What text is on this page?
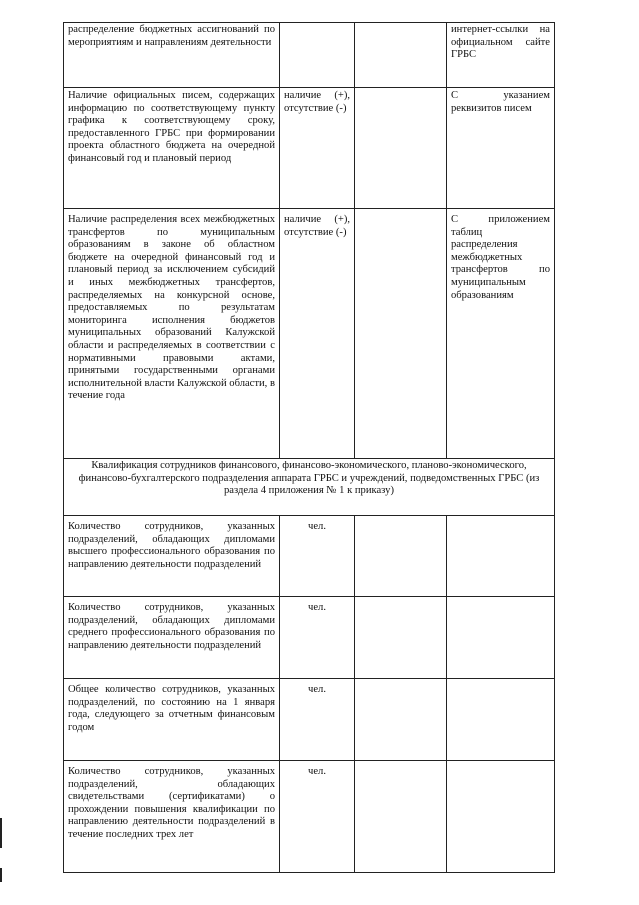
распределение бюджетных ассигнований по мероприятиям и направлениям деятельности			интернет-ссылки на официальном сайте ГРБС
Наличие официальных писем, содержащих информацию по соответствующему пункту графика к соответствующему сроку, предоставленного ГРБС при формировании проекта областного бюджета на очередной финансовый год и плановый период	наличие (+), отсутствие (-)		С указанием реквизитов писем
Наличие распределения всех межбюджетных трансфертов по муниципальным образованиям в законе об областном бюджете на очередной финансовый год и плановый период за исключением субсидий и иных межбюджетных трансфертов, распределяемых на конкурсной основе, предоставляемых по результатам мониторинга исполнения бюджетов муниципальных образований Калужской области и распределяемых в соответствии с нормативными правовыми актами, принятыми государственными органами исполнительной власти Калужской области, в течение года	наличие (+), отсутствие (-)		С приложением таблиц распределения межбюджетных трансфертов по муниципальным образованиям
Квалификация сотрудников финансового, финансово-экономического, планово-экономического, финансово-бухгалтерского подразделения аппарата ГРБС и учреждений, подведомственных ГРБС (из раздела 4 приложения № 1 к приказу)			
Количество сотрудников, указанных подразделений, обладающих дипломами высшего профессионального образования по направлению деятельности подразделений	чел.		
Количество сотрудников, указанных подразделений, обладающих дипломами среднего профессионального образования по направлению деятельности подразделений	чел.		
Общее количество сотрудников, указанных подразделений, по состоянию на 1 января года, следующего за отчетным финансовым годом	чел.		
Количество сотрудников, указанных подразделений, обладающих свидетельствами (сертификатами) о прохождении повышения квалификации по направлению деятельности подразделений в течение последних трех лет	чел.		
